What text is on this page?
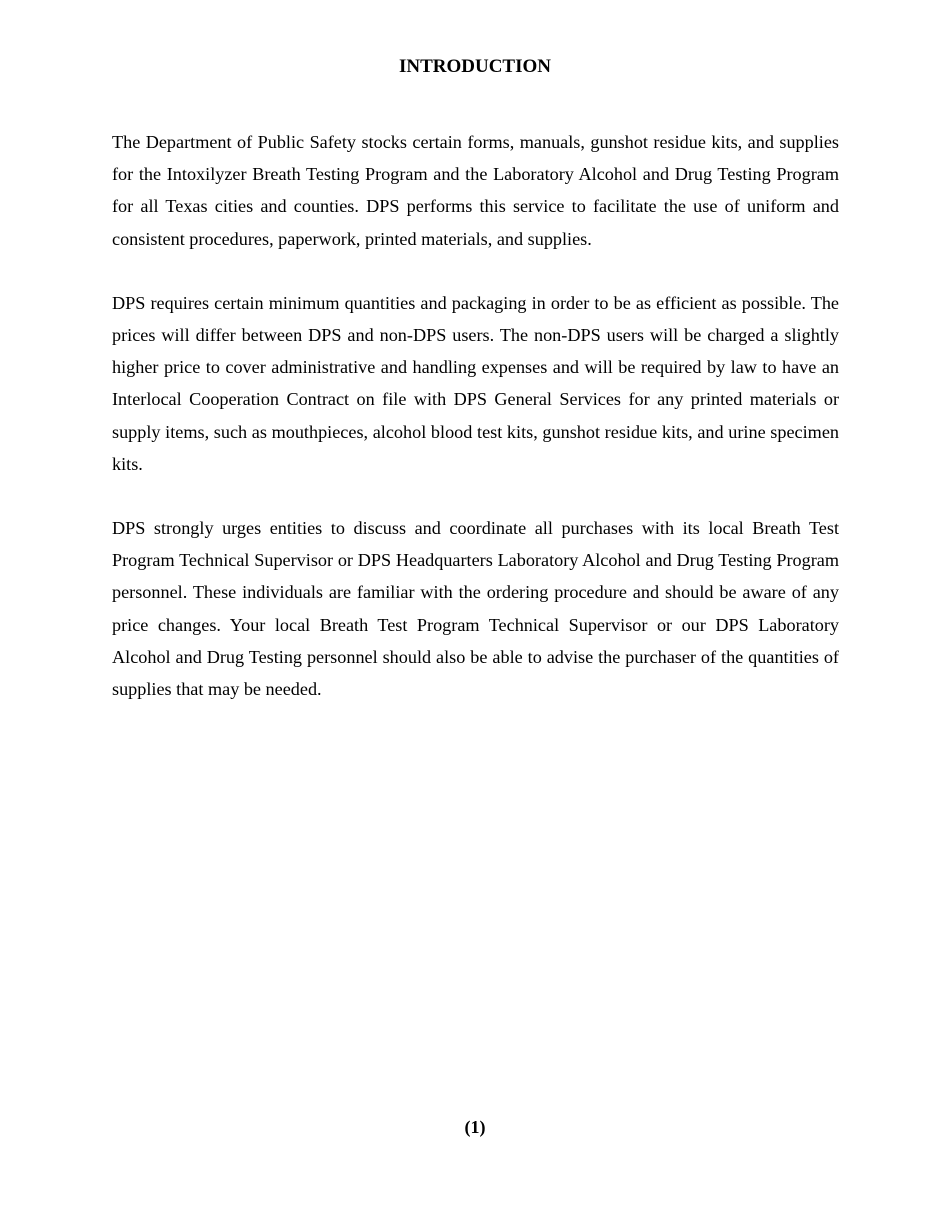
INTRODUCTION

The Department of Public Safety stocks certain forms, manuals, gunshot residue kits, and supplies for the Intoxilyzer Breath Testing Program and the Laboratory Alcohol and Drug Testing Program for all Texas cities and counties. DPS performs this service to facilitate the use of uniform and consistent procedures, paperwork, printed materials, and supplies.

DPS requires certain minimum quantities and packaging in order to be as efficient as possible. The prices will differ between DPS and non-DPS users. The non-DPS users will be charged a slightly higher price to cover administrative and handling expenses and will be required by law to have an Interlocal Cooperation Contract on file with DPS General Services for any printed materials or supply items, such as mouthpieces, alcohol blood test kits, gunshot residue kits, and urine specimen kits.

DPS strongly urges entities to discuss and coordinate all purchases with its local Breath Test Program Technical Supervisor or DPS Headquarters Laboratory Alcohol and Drug Testing Program personnel. These individuals are familiar with the ordering procedure and should be aware of any price changes. Your local Breath Test Program Technical Supervisor or our DPS Laboratory Alcohol and Drug Testing personnel should also be able to advise the purchaser of the quantities of supplies that may be needed.

(1)
